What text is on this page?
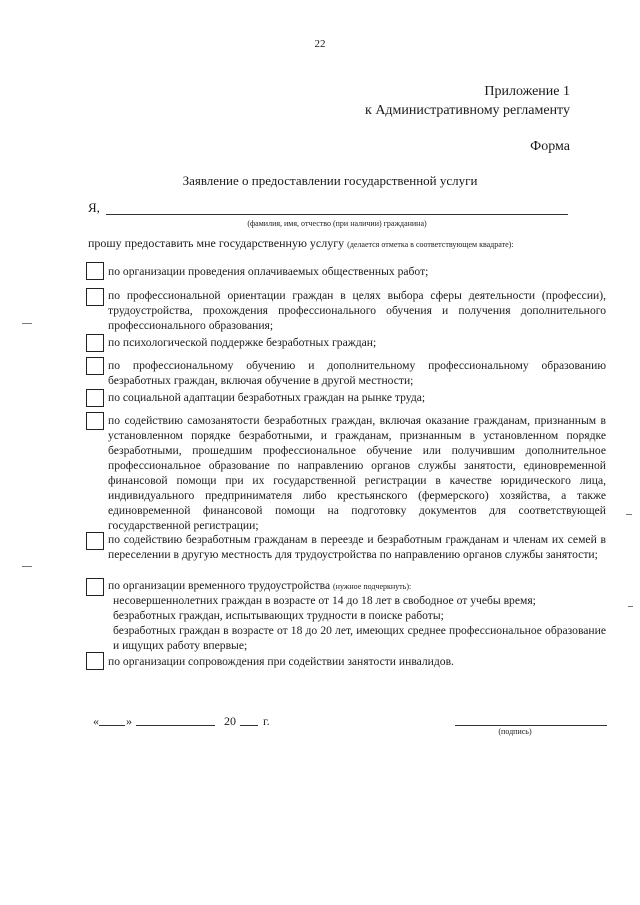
22
Приложение 1
к Административному регламенту
Форма
Заявление о предоставлении государственной услуги
Я,
(фамилия, имя, отчество (при наличии) гражданина)
прошу предоставить мне государственную услугу (делается отметка в соответствующем квадрате):
по организации проведения оплачиваемых общественных работ;
по профессиональной ориентации граждан в целях выбора сферы деятельности (профессии), трудоустройства, прохождения профессионального обучения и получения дополнительного профессионального образования;
по психологической поддержке безработных граждан;
по профессиональному обучению и дополнительному профессиональному образованию безработных граждан, включая обучение в другой местности;
по социальной адаптации безработных граждан на рынке труда;
по содействию самозанятости безработных граждан, включая оказание гражданам, признанным в установленном порядке безработными, и гражданам, признанным в установленном порядке безработными, прошедшим профессиональное обучение или получившим дополнительное профессиональное образование по направлению органов службы занятости, единовременной финансовой помощи при их государственной регистрации в качестве юридического лица, индивидуального предпринимателя либо крестьянского (фермерского) хозяйства, а также единовременной финансовой помощи на подготовку документов для соответствующей государственной регистрации;
по содействию безработным гражданам в переезде и безработным гражданам и членам их семей в переселении в другую местность для трудоустройства по направлению органов службы занятости;
по организации временного трудоустройства (нужное подчеркнуть):
несовершеннолетних граждан в возрасте от 14 до 18 лет в свободное от учебы время;
безработных граждан, испытывающих трудности в поиске работы;
безработных граждан в возрасте от 18 до 20 лет, имеющих среднее профессиональное образование и ищущих работу впервые;
по организации сопровождения при содействии занятости инвалидов.
« »	20 г.
(подпись)
